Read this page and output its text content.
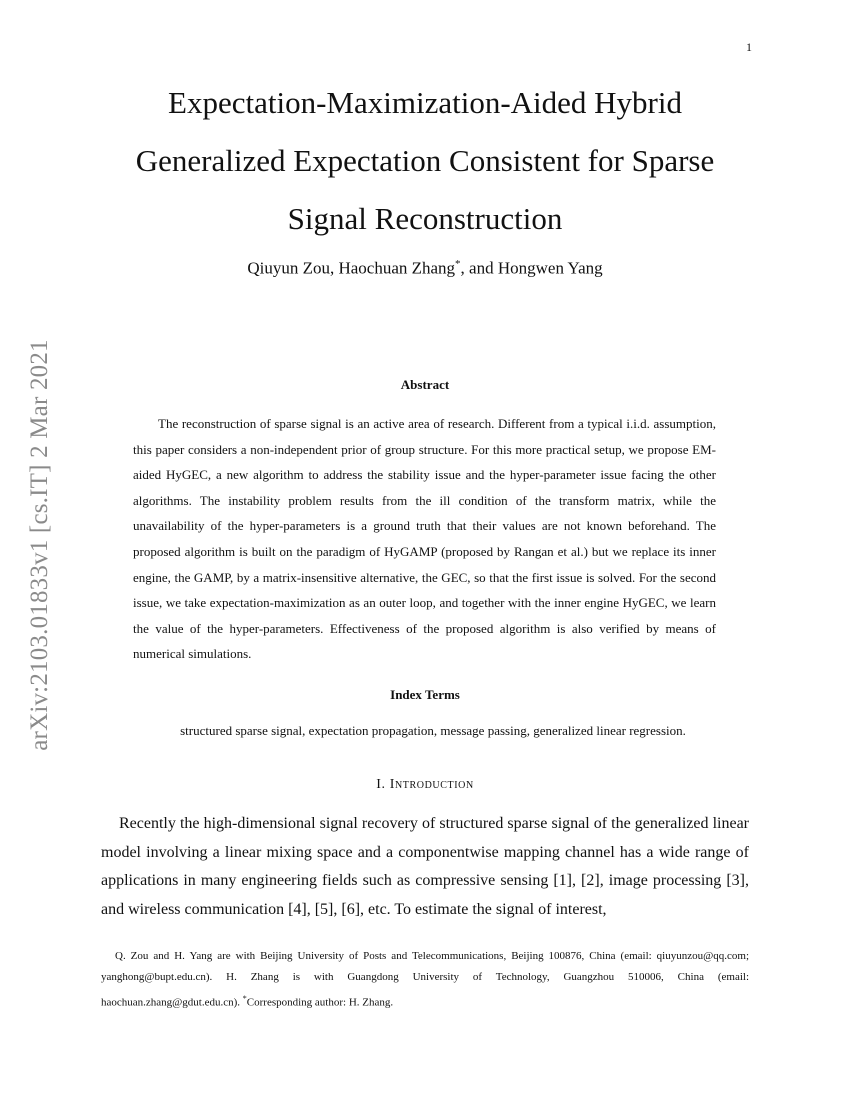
1
arXiv:2103.01833v1 [cs.IT] 2 Mar 2021
Expectation-Maximization-Aided Hybrid Generalized Expectation Consistent for Sparse Signal Reconstruction
Qiuyun Zou, Haochuan Zhang*, and Hongwen Yang
Abstract

The reconstruction of sparse signal is an active area of research. Different from a typical i.i.d. assumption, this paper considers a non-independent prior of group structure. For this more practical setup, we propose EM-aided HyGEC, a new algorithm to address the stability issue and the hyper-parameter issue facing the other algorithms. The instability problem results from the ill condition of the transform matrix, while the unavailability of the hyper-parameters is a ground truth that their values are not known beforehand. The proposed algorithm is built on the paradigm of HyGAMP (proposed by Rangan et al.) but we replace its inner engine, the GAMP, by a matrix-insensitive alternative, the GEC, so that the first issue is solved. For the second issue, we take expectation-maximization as an outer loop, and together with the inner engine HyGEC, we learn the value of the hyper-parameters. Effectiveness of the proposed algorithm is also verified by means of numerical simulations.

Index Terms
structured sparse signal, expectation propagation, message passing, generalized linear regression.
I. Introduction

Recently the high-dimensional signal recovery of structured sparse signal of the generalized linear model involving a linear mixing space and a componentwise mapping channel has a wide range of applications in many engineering fields such as compressive sensing [1], [2], image processing [3], and wireless communication [4], [5], [6], etc. To estimate the signal of interest,

Q. Zou and H. Yang are with Beijing University of Posts and Telecommunications, Beijing 100876, China (email: qiuyunzou@qq.com; yanghong@bupt.edu.cn). H. Zhang is with Guangdong University of Technology, Guangzhou 510006, China (email: haochuan.zhang@gdut.edu.cn). *Corresponding author: H. Zhang.
